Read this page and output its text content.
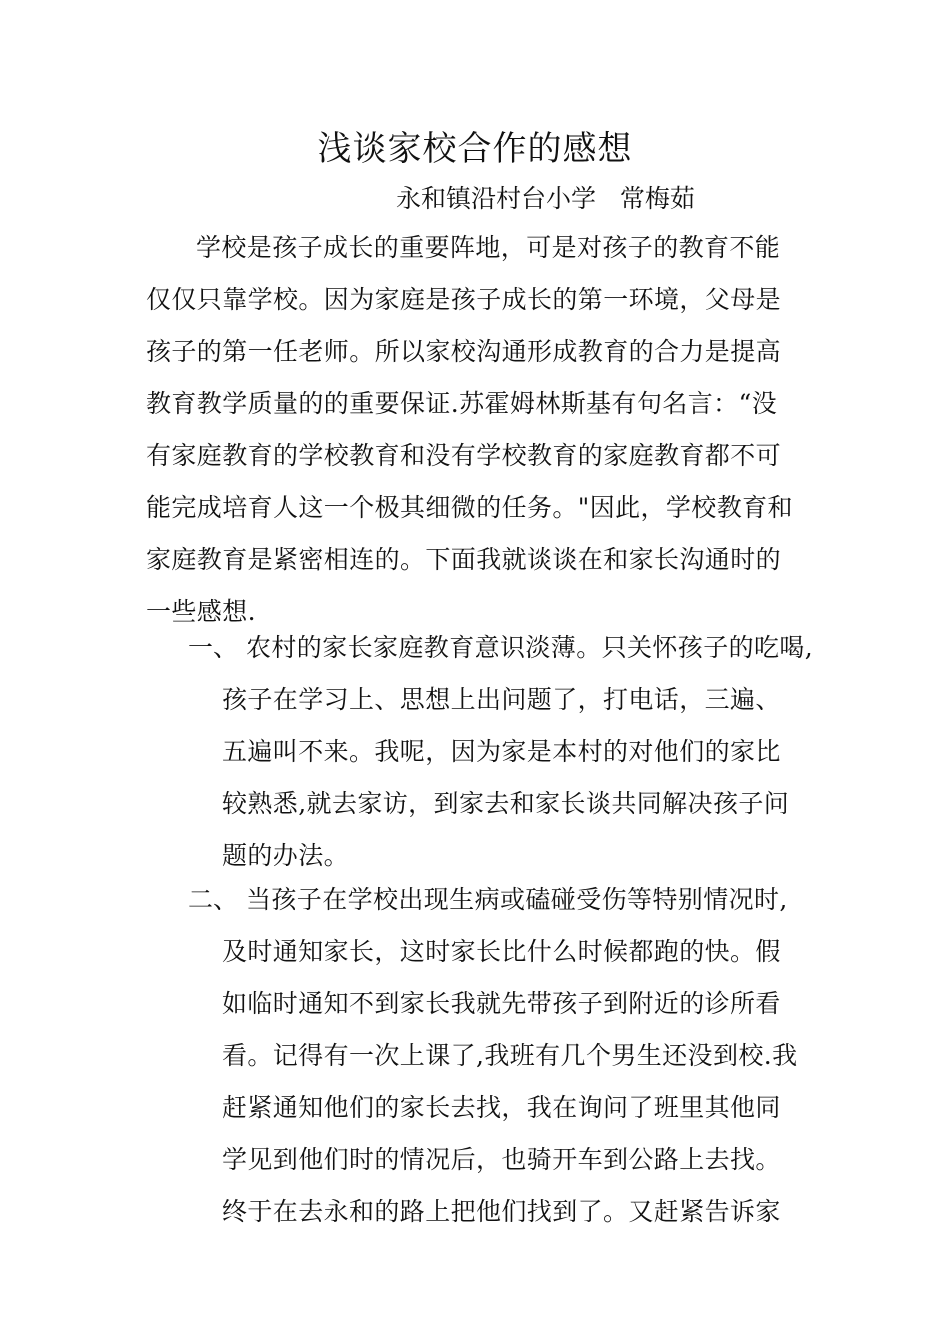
浅谈家校合作的感想
永和镇沿村台小学   常梅茹
学校是孩子成长的重要阵地，可是对孩子的教育不能
仅仅只靠学校。因为家庭是孩子成长的第一环境，父母是
孩子的第一任老师。所以家校沟通形成教育的合力是提高
教育教学质量的的重要保证.苏霍姆林斯基有句名言：“没
有家庭教育的学校教育和没有学校教育的家庭教育都不可
能完成培育人这一个极其细微的任务。"因此，学校教育和
家庭教育是紧密相连的。下面我就谈谈在和家长沟通时的
一些感想.
一、 农村的家长家庭教育意识淡薄。只关怀孩子的吃喝,
孩子在学习上、思想上出问题了，打电话，三遍、
五遍叫不来。我呢，因为家是本村的对他们的家比
较熟悉,就去家访，到家去和家长谈共同解决孩子问
题的办法。
二、 当孩子在学校出现生病或磕碰受伤等特别情况时,
及时通知家长，这时家长比什么时候都跑的快。假
如临时通知不到家长我就先带孩子到附近的诊所看
看。记得有一次上课了,我班有几个男生还没到校.我
赶紧通知他们的家长去找，我在询问了班里其他同
学见到他们时的情况后，也骑开车到公路上去找。
终于在去永和的路上把他们找到了。又赶紧告诉家
